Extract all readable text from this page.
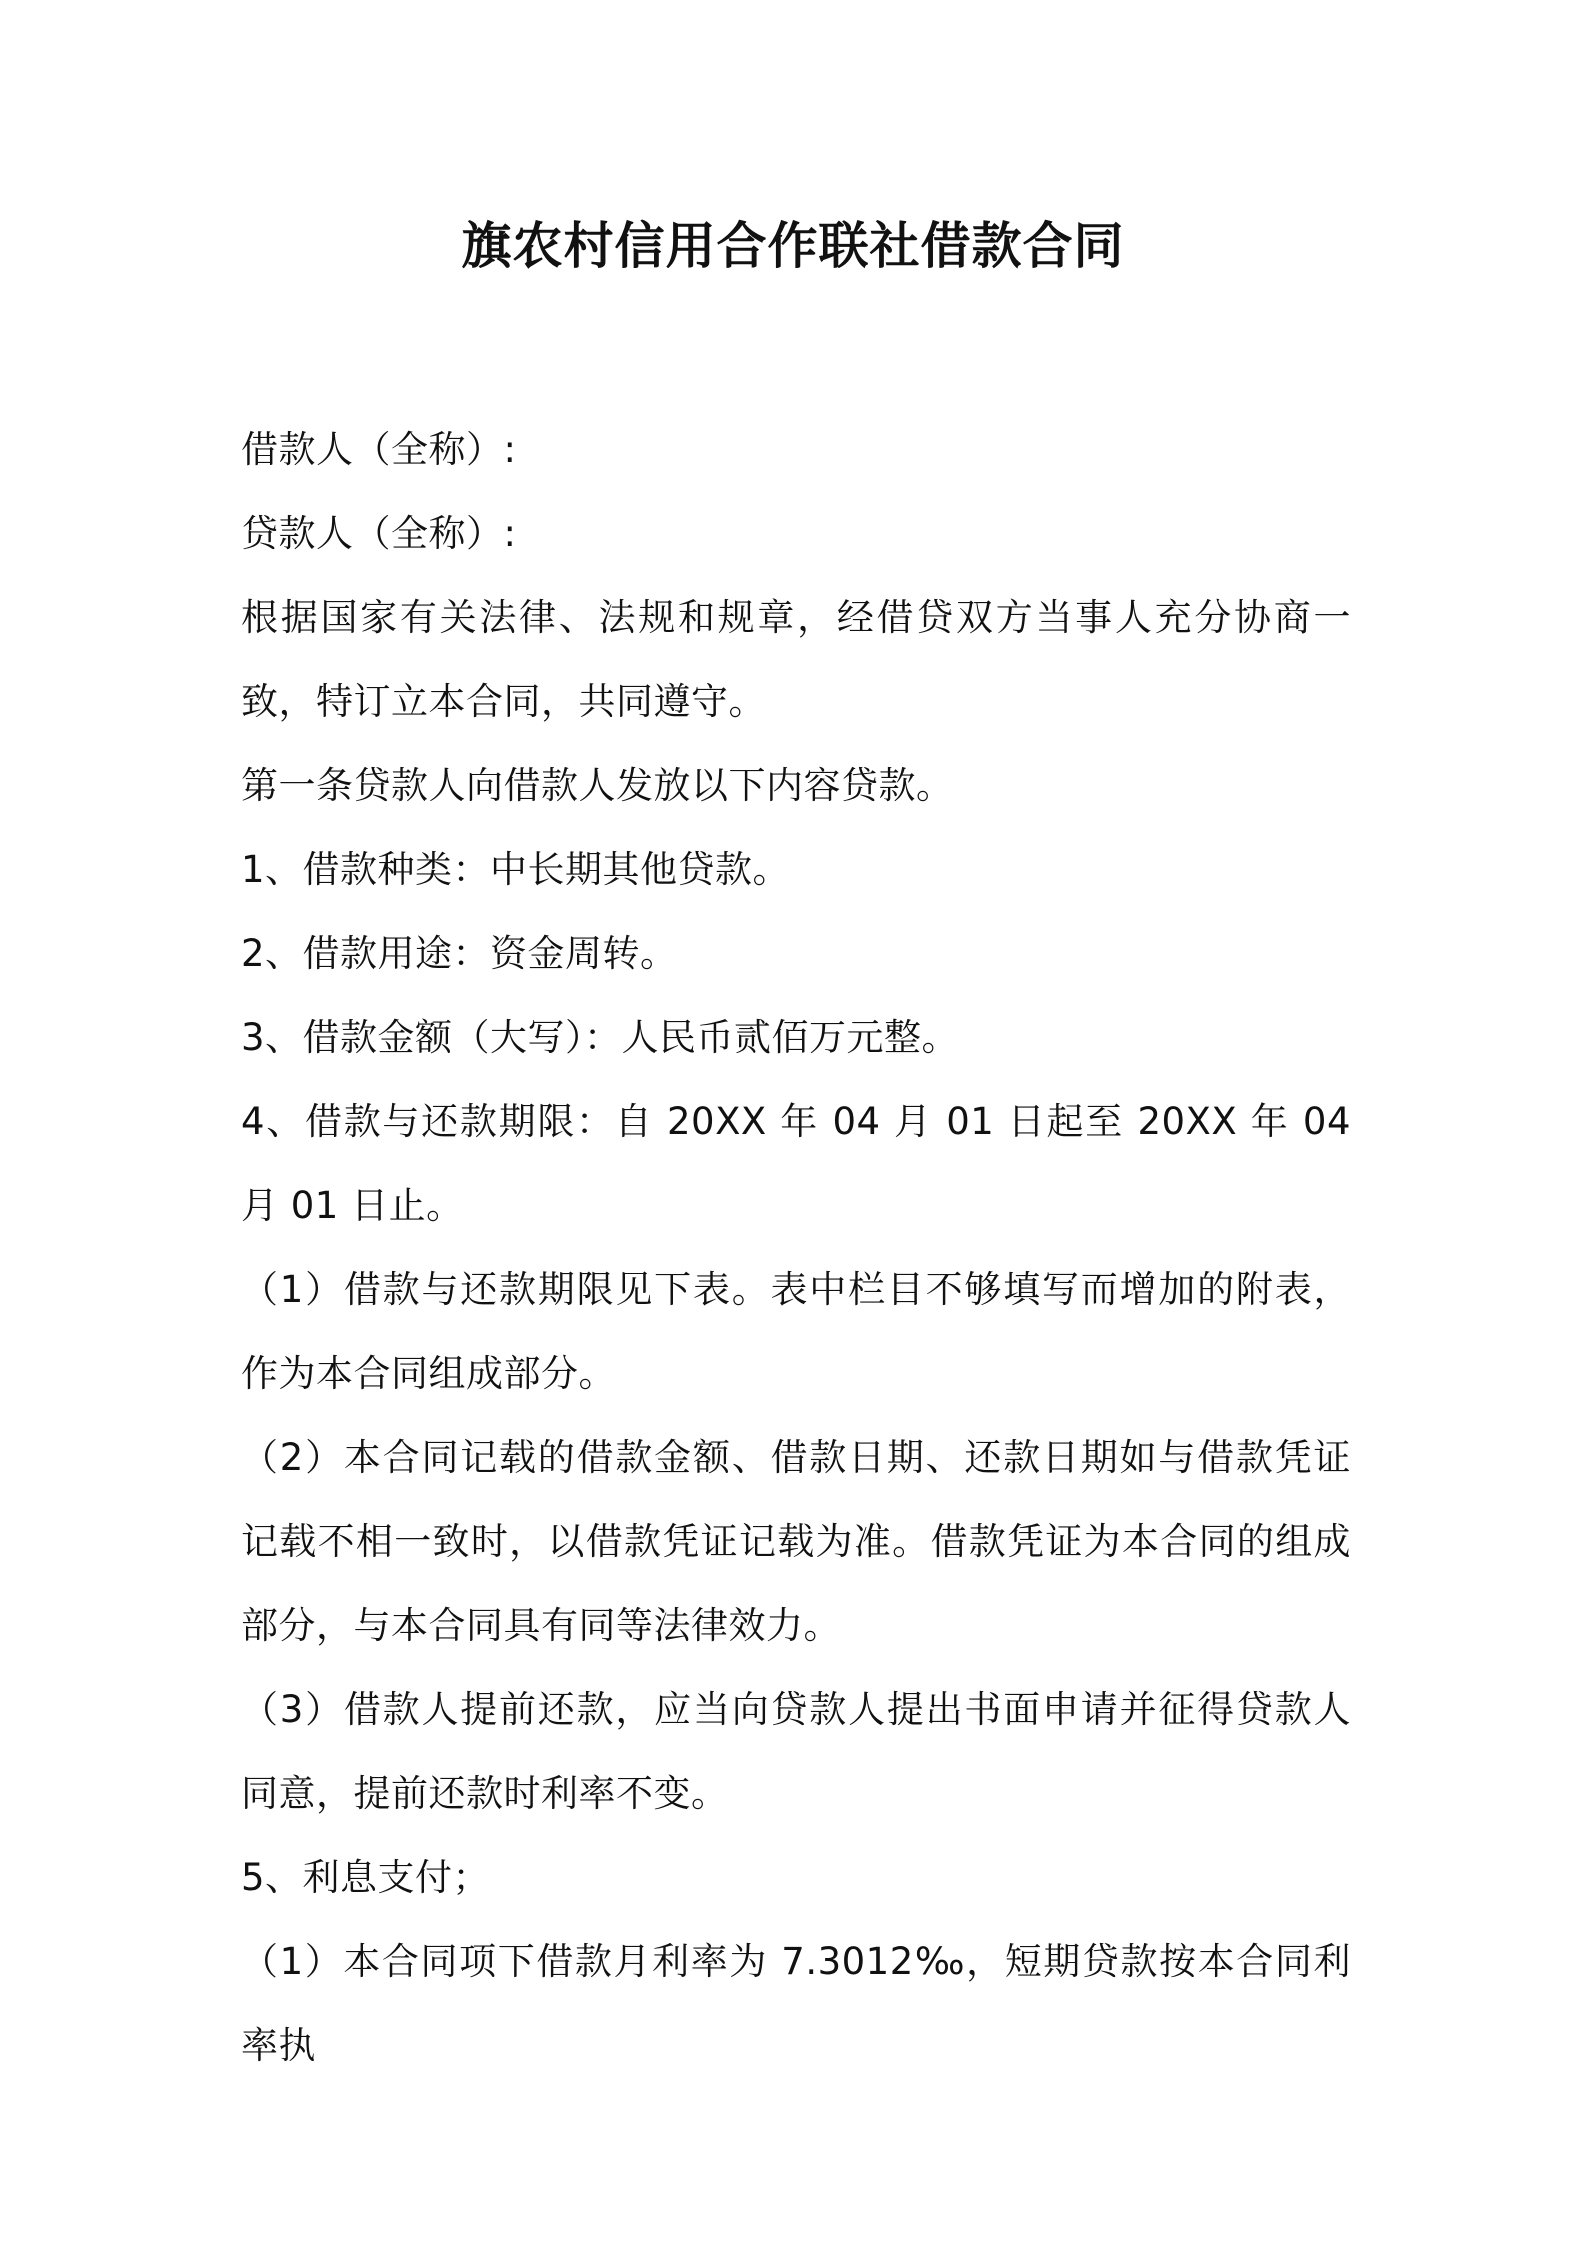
旗农村信用合作联社借款合同

借款人（全称）:

贷款人（全称）:

根据国家有关法律、法规和规章，经借贷双方当事人充分协商一致，特订立本合同，共同遵守。

第一条贷款人向借款人发放以下内容贷款。

1、借款种类：中长期其他贷款。

2、借款用途：资金周转。

3、借款金额（大写）：人民币贰佰万元整。

4、借款与还款期限：自 20XX 年 04 月 01 日起至 20XX 年 04 月 01 日止。

（1）借款与还款期限见下表。表中栏目不够填写而增加的附表，作为本合同组成部分。

（2）本合同记载的借款金额、借款日期、还款日期如与借款凭证记载不相一致时，以借款凭证记载为准。借款凭证为本合同的组成部分，与本合同具有同等法律效力。

（3）借款人提前还款，应当向贷款人提出书面申请并征得贷款人同意，提前还款时利率不变。

5、利息支付；

（1）本合同项下借款月利率为 7.3012‰，短期贷款按本合同利率执
